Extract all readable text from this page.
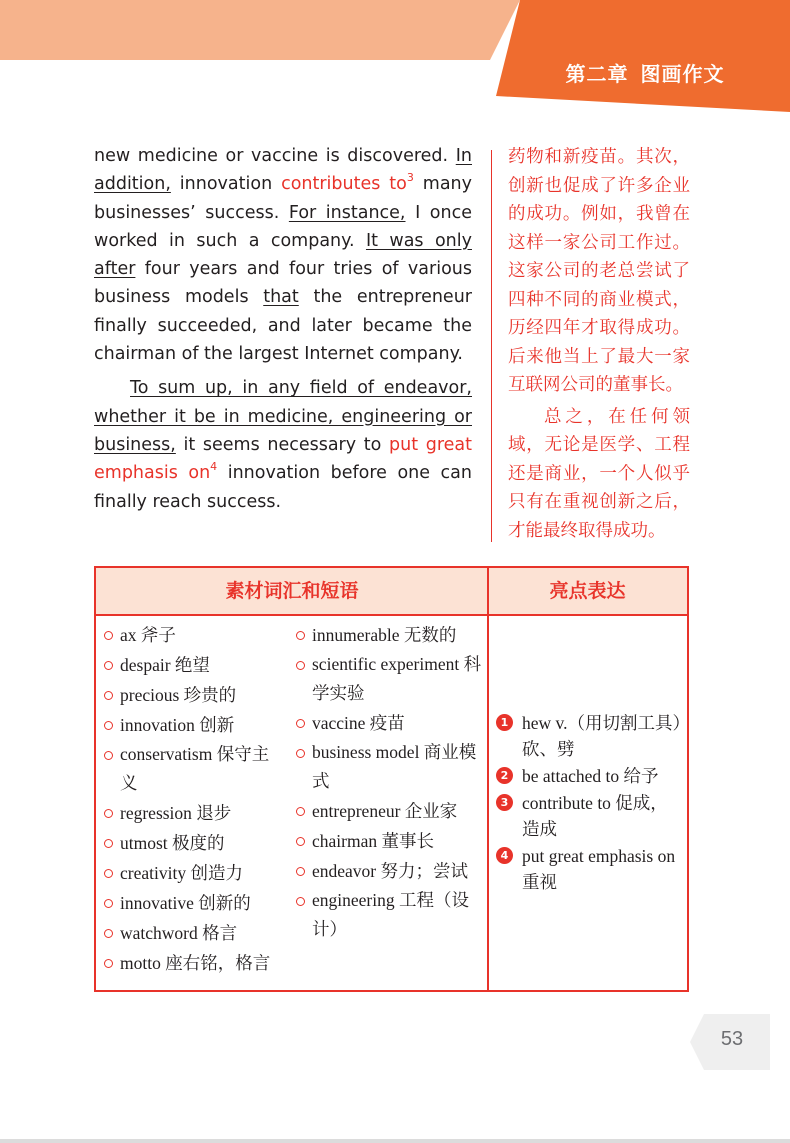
第二章 图画作文

new medicine or vaccine is discovered. In addition, innovation contributes $to^3$ many businesses’ success. For instance, I once worked in such a company. It was only after four years and four tries of various business models that the entrepreneur finally succeeded, and later became the chairman of the largest Internet company.

To sum up, in any field of endeavor, whether it be in medicine, engineering or business, it seems necessary to put great emphasis $on^4$ innovation before one can finally reach success.

药物和新疫苗。其次，创新也促成了许多企业的成功。例如，我曾在这样一家公司工作过。这家公司的老总尝试了四种不同的商业模式，历经四年才取得成功。后来他当上了最大一家互联网公司的董事长。

总之，在任何领域，无论是医学、工程还是商业，一个人似乎只有在重视创新之后，才能最终取得成功。

素材词汇和短语	亮点表达
ax 斧子
despair 绝望
precious 珍贵的
innovation 创新
conservatism 保守主义
regression 退步
utmost 极度的
creativity 创造力
innovative 创新的
watchword 格言
motto 座右铭，格言
innumerable 无数的
scientific experiment 科学实验
vaccine 疫苗
business model 商业模式
entrepreneur 企业家
chairman 董事长
endeavor 努力；尝试
engineering 工程（设计）
1 hew v.（用切割工具）砍、劈
2 be attached to 给予
3 contribute to 促成，造成
4 put great emphasis on 重视
53
